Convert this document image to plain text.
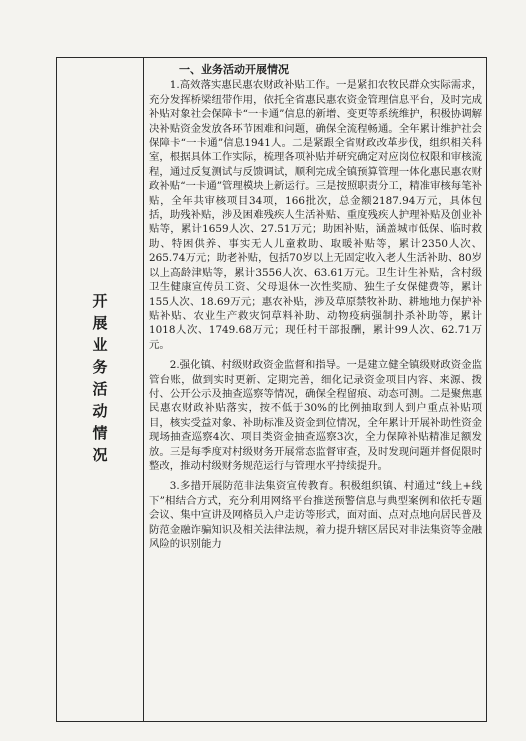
开展业务活动情况
一、业务活动开展情况

1.高效落实惠民惠农财政补贴工作。一是紧扣农牧民群众实际需求，充分发挥桥梁纽带作用，依托全省惠民惠农资金管理信息平台，及时完成补贴对象社会保障卡“一卡通”信息的新增、变更等系统维护，积极协调解决补贴资金发放各环节困难和问题，确保全流程畅通。全年累计维护社会保障卡“一卡通”信息1941人。二是紧跟全省财政改革步伐，组织相关科室，根据具体工作实际，梳理各项补贴并研究确定对应岗位权限和审核流程，通过反复测试与反馈调试，顺利完成全镇预算管理一体化惠民惠农财政补贴“一卡通”管理模块上新运行。三是按照职责分工，精准审核每笔补贴，全年共审核项目34项，166批次，总金额2187.94万元，具体包括，助残补贴，涉及困难残疾人生活补贴、重度残疾人护理补贴及创业补贴等，累计1659人次、27.51万元；助困补贴，涵盖城市低保、临时救助、特困供养、事实无人儿童救助、取暖补贴等，累计2350人次、265.74万元；助老补贴，包括70岁以上无固定收入老人生活补助、80岁以上高龄津贴等，累计3556人次、63.61万元。卫生计生补贴，含村级卫生健康宣传员工资、父母退休一次性奖励、独生子女保健费等，累计155人次、18.69万元；惠农补贴，涉及草原禁牧补助、耕地地力保护补贴补贴、农业生产救灾饲草料补助、动物疫病强制扑杀补助等，累计1018人次、1749.68万元；现任村干部报酬，累计99人次、62.71万元。

2.强化镇、村级财政资金监督和指导。一是建立健全镇级财政资金监管台账，做到实时更新、定期完善，细化记录资金项目内容、来源、拨付、公开公示及抽查巡察等情况，确保全程留痕、动态可测。二是聚焦惠民惠农财政补贴落实，按不低于30%的比例抽取到人到户重点补贴项目，核实受益对象、补助标准及资金到位情况，全年累计开展补助性资金现场抽查巡察4次、项目类资金抽查巡察3次，全力保障补贴精准足额发放。三是每季度对村级财务开展常态监督审查，及时发现问题并督促限时整改，推动村级财务规范运行与管理水平持续提升。

3.多措开展防范非法集资宣传教育。积极组织镇、村通过“线上+线下”相结合方式，充分利用网络平台推送预警信息与典型案例和依托专题会议、集中宣讲及网格员入户走访等形式，面对面、点对点地向居民普及防范金融诈骗知识及相关法律法规，着力提升辖区居民对非法集资等金融风险的识别能力
